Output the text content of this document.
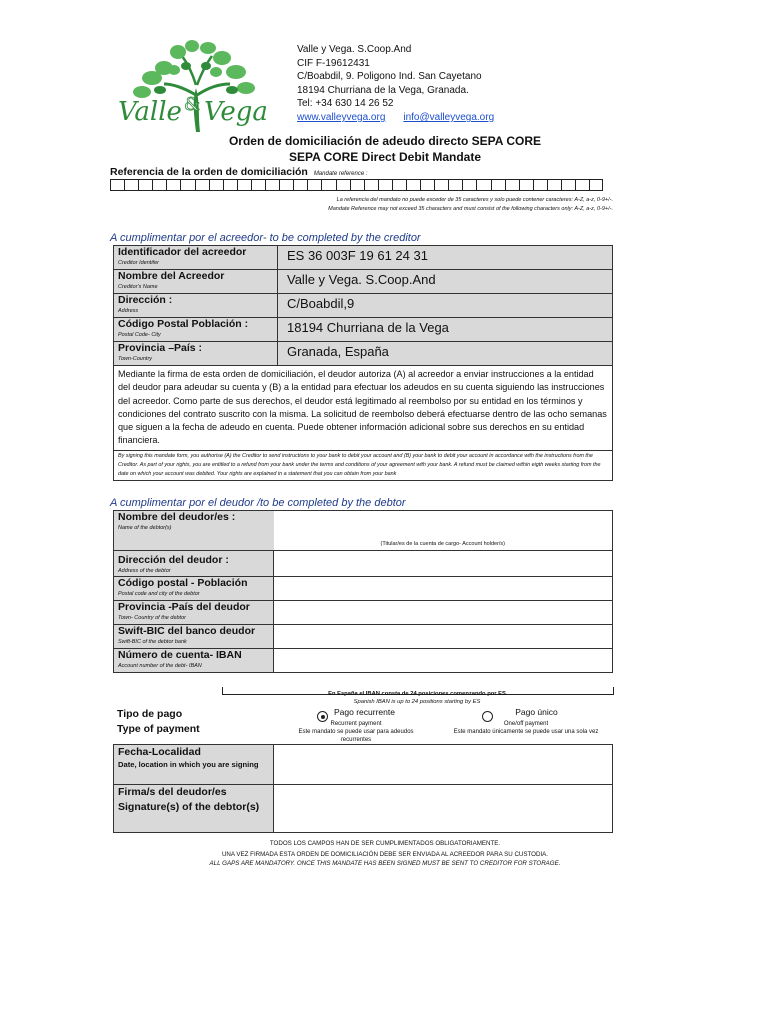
Valle & Vega
Valle y Vega. S.Coop.And
CIF F-19612431
C/Boabdil, 9. Poligono Ind. San Cayetano
18194 Churriana de la Vega, Granada.
Tel: +34 630 14 26 52
www.valleyvega.org info@valleyvega.org
Orden de domiciliación de adeudo directo SEPA CORE
SEPA CORE Direct Debit Mandate
Referencia de la orden de domiciliación Mandate reference :
La referencia del mandato no puede exceder de 35 caracteres y solo puede contener caracteres: A-Z, a-z, 0-9+/-.
Mandate Reference may not exceed 35 characters and must consist of the following characters only: A-Z, a-z, 0-9+/-.
A cumplimentar por el acreedor- to be completed by the creditor
Identificador del acreedor
Creditor Identifer	ES 36 003F 19 61 24 31

Nombre del Acreedor
Creditor's Name	Valle y Vega. S.Coop.And

Dirección :
Address	C/Boabdil,9

Código Postal Población :
Postal Code- City	18194 Churriana de la Vega

Provincia –País :
Town-Country	Granada, España
Mediante la firma de esta orden de domiciliación, el deudor autoriza (A) al acreedor a enviar instrucciones a la entidad del deudor para adeudar su cuenta y (B) a la entidad para efectuar los adeudos en su cuenta siguiendo las instrucciones del acreedor. Como parte de sus derechos, el deudor está legitimado al reembolso por su entidad en los términos y condiciones del contrato suscrito con la misma. La solicitud de reembolso deberá efectuarse dentro de las ocho semanas que siguen a la fecha de adeudo en cuenta. Puede obtener información adicional sobre sus derechos en su entidad financiera.	
By signing this mandate form, you authorise (A) the Creditor to send instructions to your bank to debit your account and (B) your bank to debit your account in accordance with the instructions from the Creditor. As part of your rights, you are entitled to a refund from your bank under the terms and conditions of your agreement with your bank. A refund must be claimed within eigth weeks starting from the date on which your account was debited. Your rights are explained in a statement that you can obtain from your bank	
A cumplimentar por el deudor /to be completed by the debtor
Nombre del deudor/es :
Name of the debtor(s)	(Titular/es de la cuenta de cargo- Account holder/s)

Dirección del deudor :
Address of the debtor	

Código postal - Población
Postal code and city of the debtor	

Provincia -País del deudor
Town- Country of the debtor	

Swift-BIC del banco deudor
Swift-BIC of the debtor bank	

Número de cuenta- IBAN
Account number of the debt- IBAN	

En España el IBAN consta de 24 posiciones comenzando por ES
Spanish IBAN is up to 24 positions starting by ES
Tipo de pago
Type of payment
Pago recurrente
Recurrent payment
Este mandato se puede usar para adeudos recurrentes
Pago único
One/off payment
Este mandato únicamente se puede usar una sola vez
Fecha-Localidad
Date, location in which you are signing	

Firma/s del deudor/es
Signature(s) of the debtor(s)	

TODOS LOS CAMPOS HAN DE SER CUMPLIMENTADOS OBLIGATORIAMENTE.
UNA VEZ FIRMADA ESTA ORDEN DE DOMICILIACIÓN DEBE SER ENVIADA AL ACREEDOR PARA SU CUSTODIA.
ALL GAPS ARE MANDATORY. ONCE THIS MANDATE HAS BEEN SIGNED MUST BE SENT TO CREDITOR FOR STORAGE.
